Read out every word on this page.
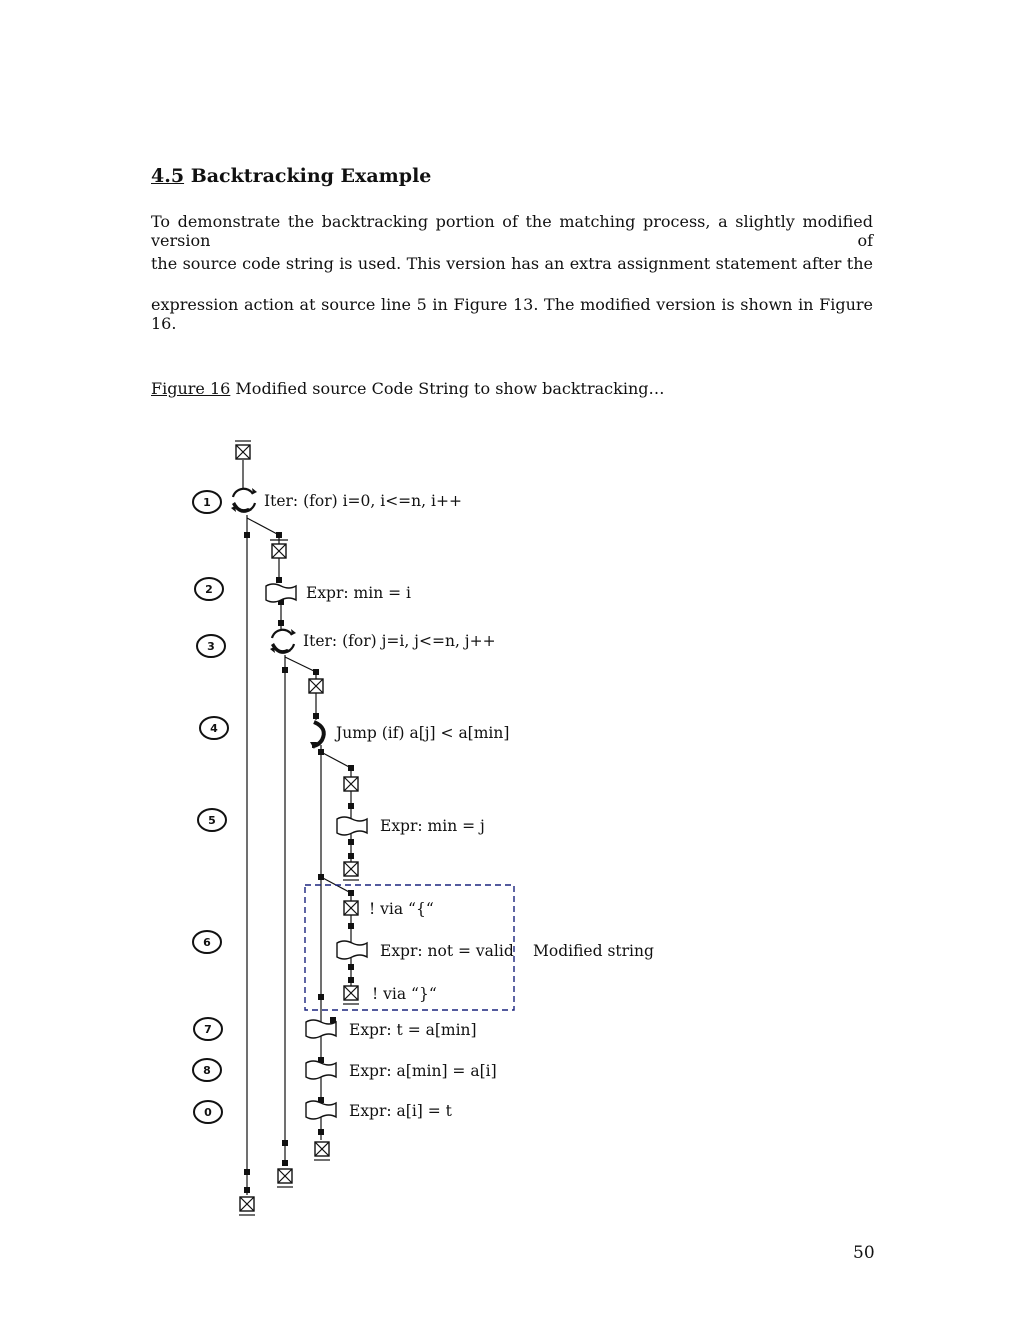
4.5 Backtracking Example
To demonstrate the backtracking portion of the matching process, a slightly modified version of
the source code string is used. This version has an extra assignment statement after the
expression action at source line 5 in Figure 13. The modified version is shown in Figure 16.
Figure 16 Modified source Code String to show backtracking…
1
2
3
4
5
6
7
8
0
Iter: (for) i=0, i<=n, i++
Expr: min = i
Iter: (for) j=i, j<=n, j++
Jump (if) a[j] < a[min]
Expr: min = j
! via “{“
Expr: not = valid
! via “}“
Expr: t = a[min]
Expr: a[min] = a[i]
Expr: a[i] = t
Modified string
50
